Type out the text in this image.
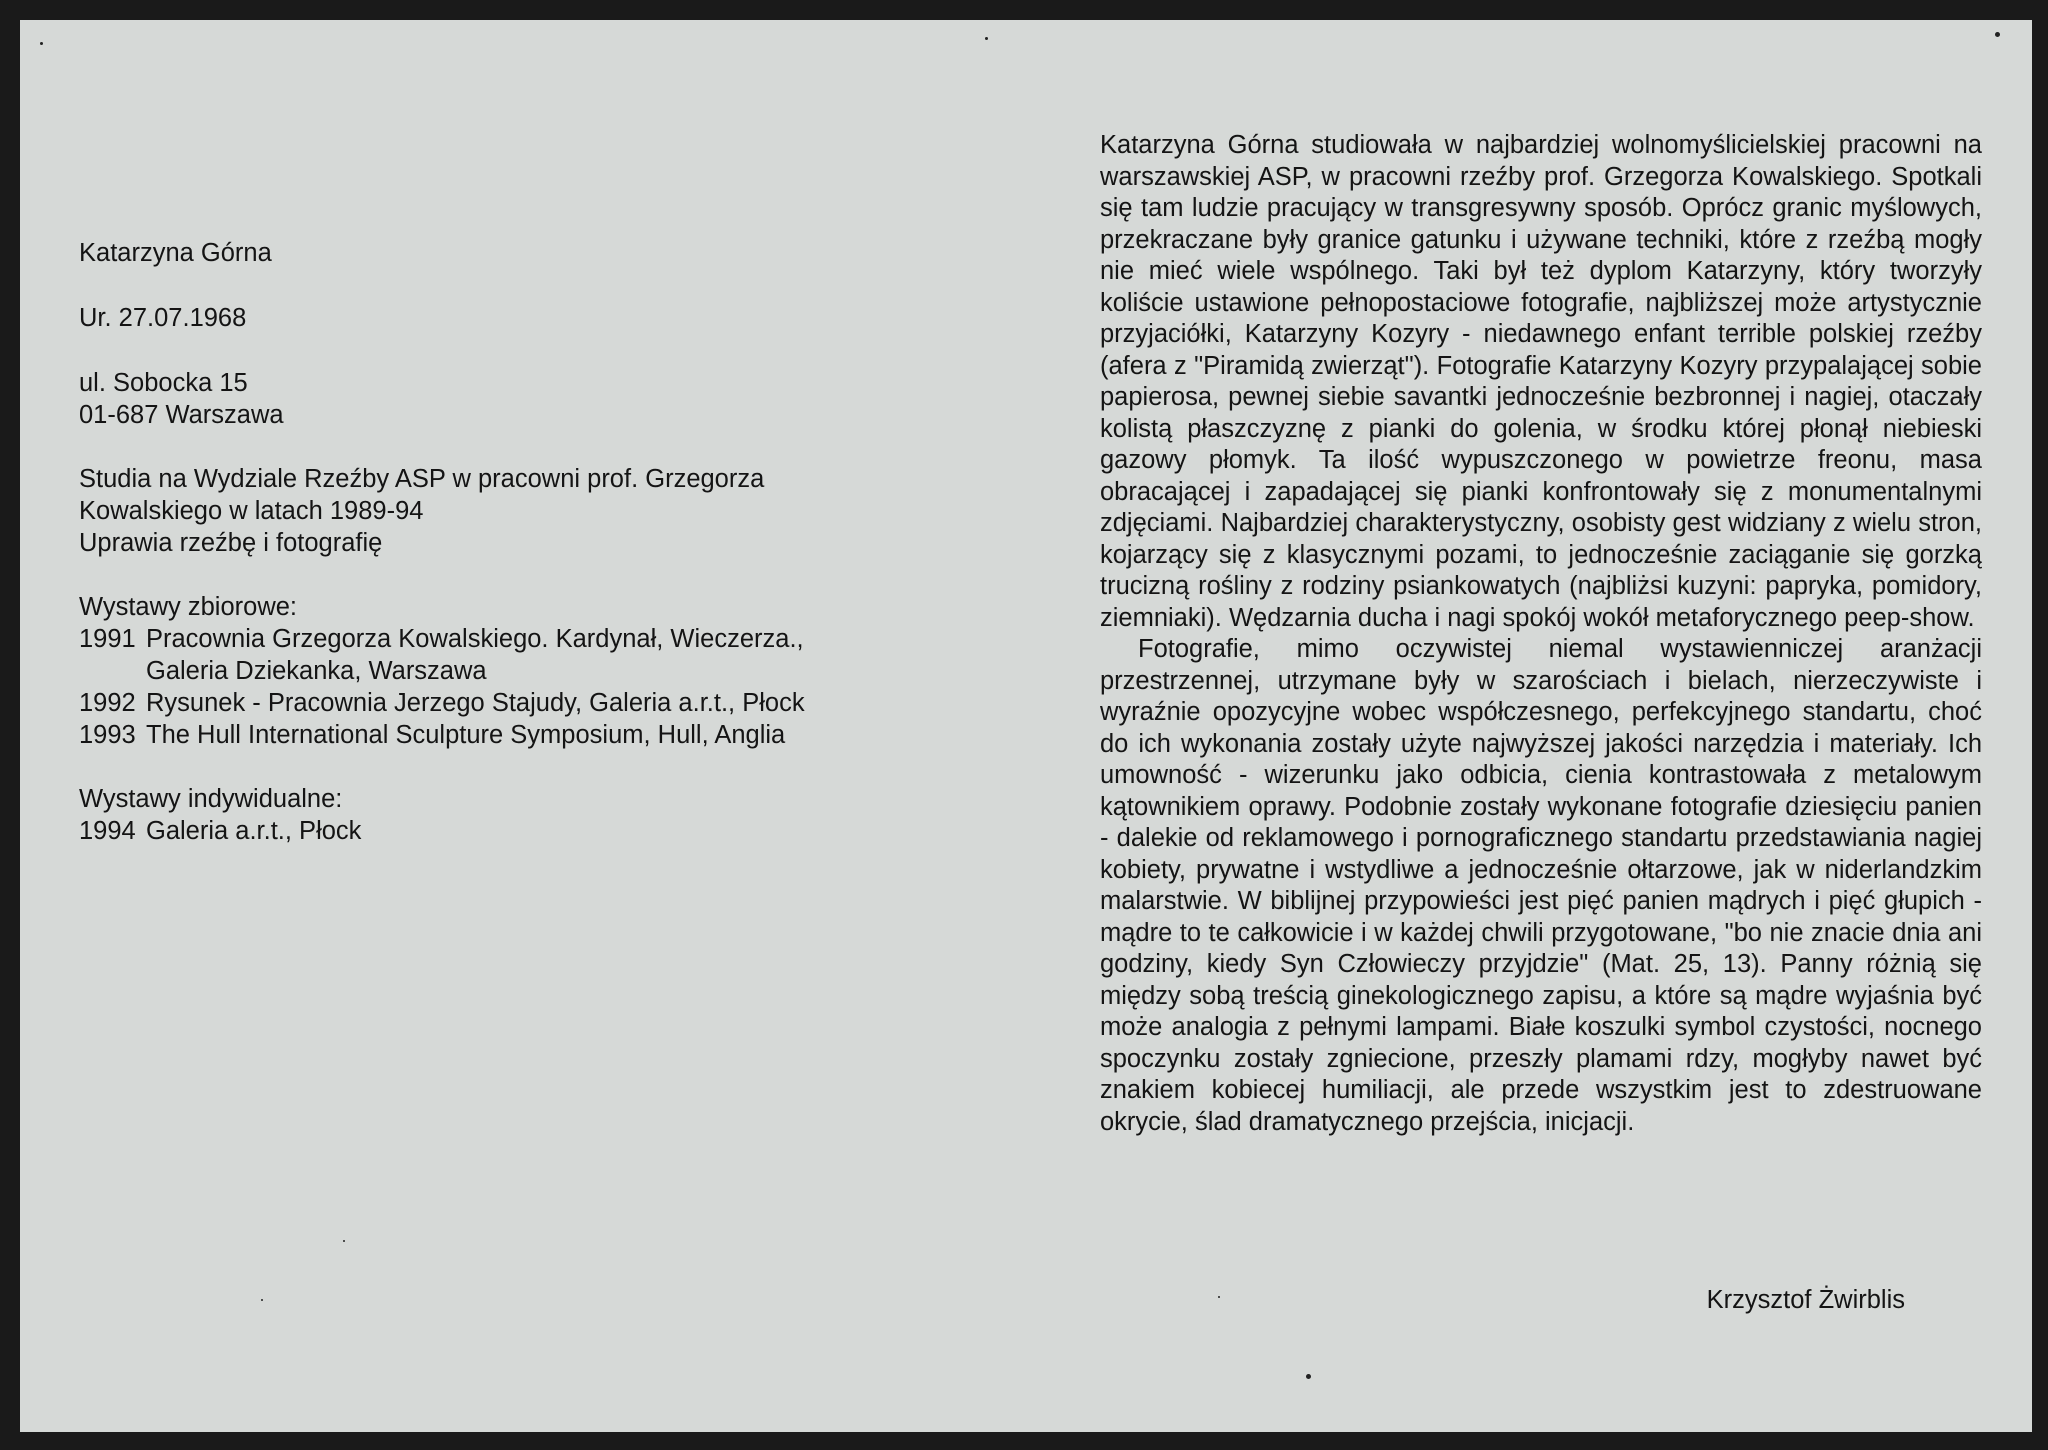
Katarzyna Górna

Ur. 27.07.1968

ul. Sobocka 15

01-687 Warszawa

Studia na Wydziale Rzeźby ASP w pracowni prof. Grzegorza

Kowalskiego w latach 1989-94

Uprawia rzeźbę i fotografię

Wystawy zbiorowe:

1991 Pracownia Grzegorza Kowalskiego. Kardynał, Wieczerza., Galeria Dziekanka, Warszawa
1992 Rysunek - Pracownia Jerzego Stajudy, Galeria a.r.t., Płock
1993 The Hull International Sculpture Symposium, Hull, Anglia

Wystawy indywidualne:

1994 Galeria a.r.t., Płock

Katarzyna Górna studiowała w najbardziej wolnomyślicielskiej pracowni na warszawskiej ASP, w pracowni rzeźby prof. Grzegorza Kowalskiego. Spotkali się tam ludzie pracujący w transgresywny sposób. Oprócz granic myślowych, przekraczane były granice gatunku i używane techniki, które z rzeźbą mogły nie mieć wiele wspólnego. Taki był też dyplom Katarzyny, który tworzyły koliście ustawione pełnopostaciowe fotografie, najbliższej może artystycznie przyjaciółki, Katarzyny Kozyry - niedawnego enfant terrible polskiej rzeźby (afera z "Piramidą zwierząt"). Fotografie Katarzyny Kozyry przypalającej sobie papierosa, pewnej siebie savantki jednocześnie bezbronnej i nagiej, otaczały kolistą płaszczyznę z pianki do golenia, w środku której płonął niebieski gazowy płomyk. Ta ilość wypuszczonego w powietrze freonu, masa obracającej i zapadającej się pianki konfrontowały się z monumentalnymi zdjęciami. Najbardziej charakterystyczny, osobisty gest widziany z wielu stron, kojarzący się z klasycznymi pozami, to jednocześnie zaciąganie się gorzką trucizną rośliny z rodziny psiankowatych (najbliżsi kuzyni: papryka, pomidory, ziemniaki). Wędzarnia ducha i nagi spokój wokół metaforycznego peep-show.

Fotografie, mimo oczywistej niemal wystawienniczej aranżacji przestrzennej, utrzymane były w szarościach i bielach, nierzeczywiste i wyraźnie opozycyjne wobec współczesnego, perfekcyjnego standartu, choć do ich wykonania zostały użyte najwyższej jakości narzędzia i materiały. Ich umowność - wizerunku jako odbicia, cienia kontrastowała z metalowym kątownikiem oprawy. Podobnie zostały wykonane fotografie dziesięciu panien - dalekie od reklamowego i pornograficznego standartu przedstawiania nagiej kobiety, prywatne i wstydliwe a jednocześnie ołtarzowe, jak w niderlandzkim malarstwie. W biblijnej przypowieści jest pięć panien mądrych i pięć głupich - mądre to te całkowicie i w każdej chwili przygotowane, "bo nie znacie dnia ani godziny, kiedy Syn Człowieczy przyjdzie" (Mat. 25, 13). Panny różnią się między sobą treścią ginekologicznego zapisu, a które są mądre wyjaśnia być może analogia z pełnymi lampami. Białe koszulki symbol czystości, nocnego spoczynku zostały zgniecione, przeszły plamami rdzy, mogłyby nawet być znakiem kobiecej humiliacji, ale przede wszystkim jest to zdestruowane okrycie, ślad dramatycznego przejścia, inicjacji.

Krzysztof Żwirblis
